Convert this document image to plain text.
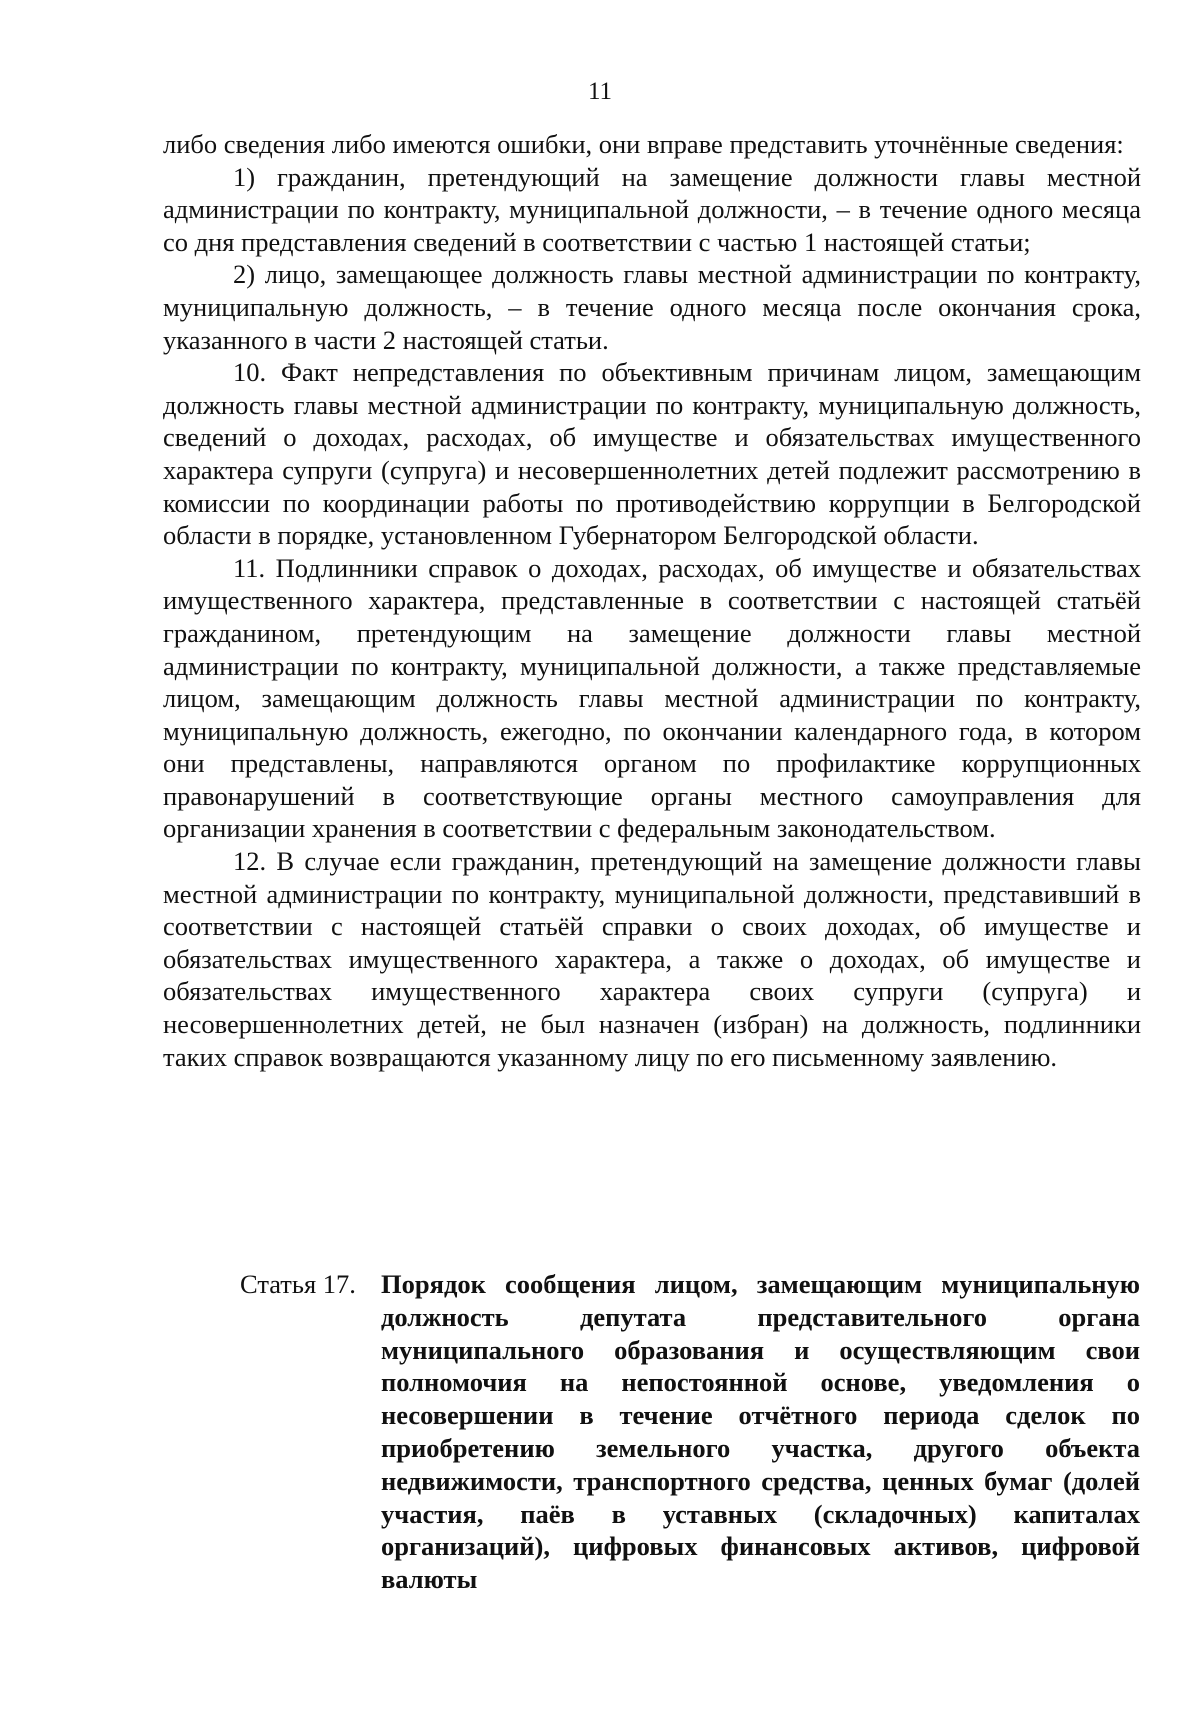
11

либо сведения либо имеются ошибки, они вправе представить уточнённые сведения:

1) гражданин, претендующий на замещение должности главы местной администрации по контракту, муниципальной должности, – в течение одного месяца со дня представления сведений в соответствии с частью 1 настоящей статьи;

2) лицо, замещающее должность главы местной администрации по контракту, муниципальную должность, – в течение одного месяца после окончания срока, указанного в части 2 настоящей статьи.

10. Факт непредставления по объективным причинам лицом, замещающим должность главы местной администрации по контракту, муниципальную должность, сведений о доходах, расходах, об имуществе и обязательствах имущественного характера супруги (супруга) и несовершеннолетних детей подлежит рассмотрению в комиссии по координации работы по противодействию коррупции в Белгородской области в порядке, установленном Губернатором Белгородской области.

11. Подлинники справок о доходах, расходах, об имуществе и обязательствах имущественного характера, представленные в соответствии с настоящей статьёй гражданином, претендующим на замещение должности главы местной администрации по контракту, муниципальной должности, а также представляемые лицом, замещающим должность главы местной администрации по контракту, муниципальную должность, ежегодно, по окончании календарного года, в котором они представлены, направляются органом по профилактике коррупционных правонарушений в соответствующие органы местного самоуправления для организации хранения в соответствии с федеральным законодательством.

12. В случае если гражданин, претендующий на замещение должности главы местной администрации по контракту, муниципальной должности, представивший в соответствии с настоящей статьёй справки о своих доходах, об имуществе и обязательствах имущественного характера, а также о доходах, об имуществе и обязательствах имущественного характера своих супруги (супруга) и несовершеннолетних детей, не был назначен (избран) на должность, подлинники таких справок возвращаются указанному лицу по его письменному заявлению.

Статья 17. Порядок сообщения лицом, замещающим муниципальную должность депутата представительного органа муниципального образования и осуществляющим свои полномочия на непостоянной основе, уведомления о несовершении в течение отчётного периода сделок по приобретению земельного участка, другого объекта недвижимости, транспортного средства, ценных бумаг (долей участия, паёв в уставных (складочных) капиталах организаций), цифровых финансовых активов, цифровой валюты
